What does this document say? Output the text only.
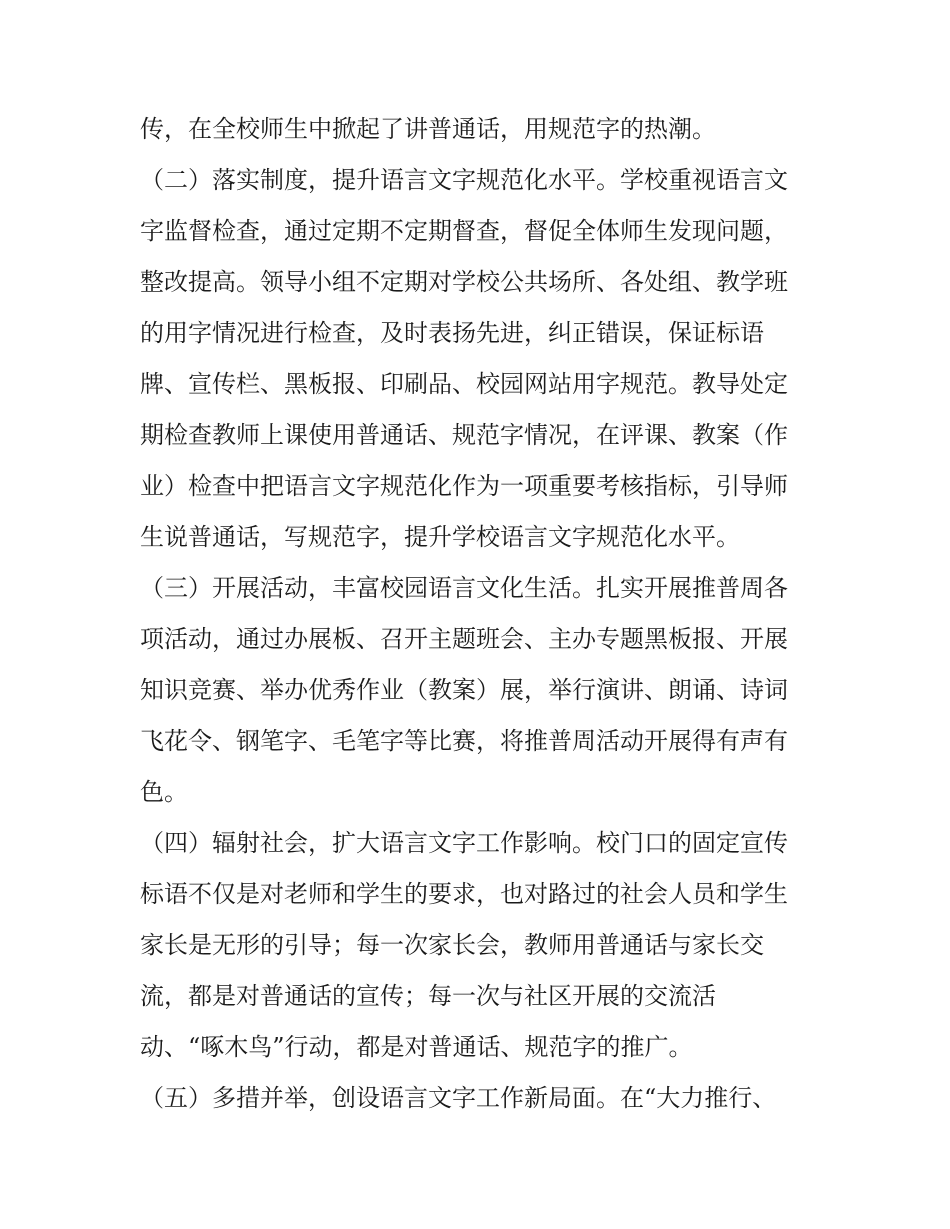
传，在全校师生中掀起了讲普通话，用规范字的热潮。
（二）落实制度，提升语言文字规范化水平。学校重视语言文
字监督检查，通过定期不定期督查，督促全体师生发现问题，
整改提高。领导小组不定期对学校公共场所、各处组、教学班
的用字情况进行检查，及时表扬先进，纠正错误，保证标语
牌、宣传栏、黑板报、印刷品、校园网站用字规范。教导处定
期检查教师上课使用普通话、规范字情况，在评课、教案（作
业）检查中把语言文字规范化作为一项重要考核指标，引导师
生说普通话，写规范字，提升学校语言文字规范化水平。
（三）开展活动，丰富校园语言文化生活。扎实开展推普周各
项活动，通过办展板、召开主题班会、主办专题黑板报、开展
知识竞赛、举办优秀作业（教案）展，举行演讲、朗诵、诗词
飞花令、钢笔字、毛笔字等比赛，将推普周活动开展得有声有
色。
（四）辐射社会，扩大语言文字工作影响。校门口的固定宣传
标语不仅是对老师和学生的要求，也对路过的社会人员和学生
家长是无形的引导；每一次家长会，教师用普通话与家长交
流，都是对普通话的宣传；每一次与社区开展的交流活
动、“啄木鸟”行动，都是对普通话、规范字的推广。
（五）多措并举，创设语言文字工作新局面。在“大力推行、
